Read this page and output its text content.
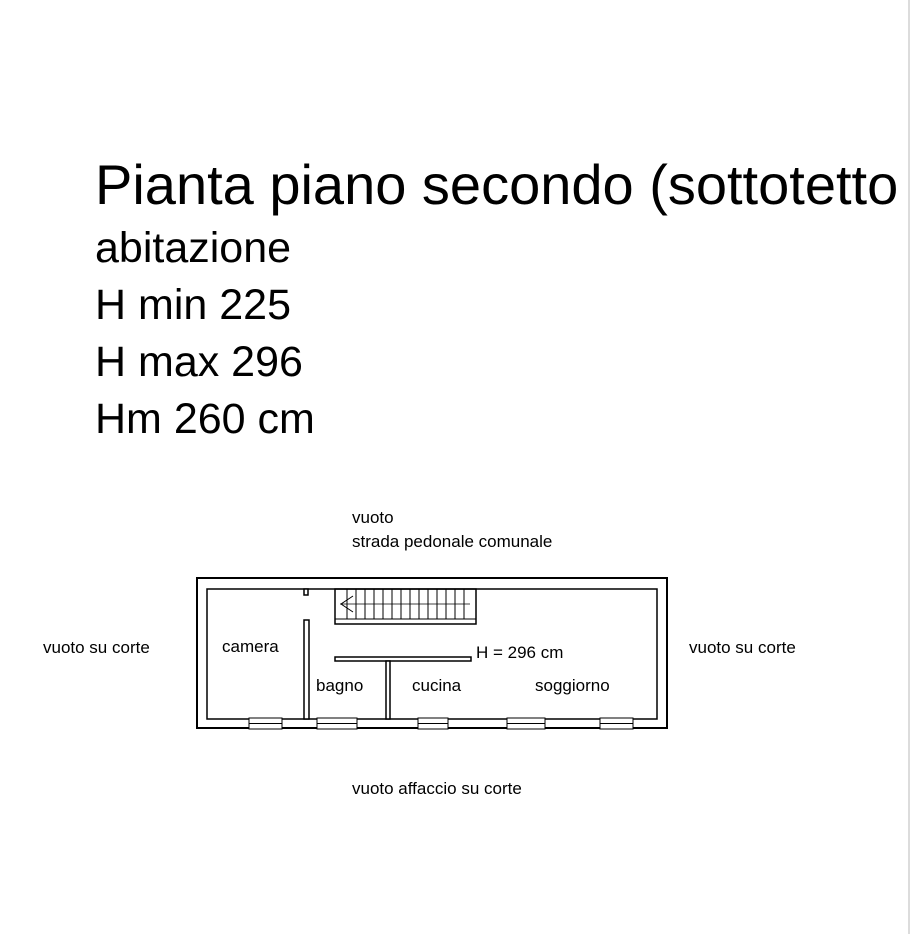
Pianta piano secondo (sottotetto
abitazione
H min 225
H max 296
Hm 260 cm
camera
bagno	cucina	soggiorno
H = 296 cm
vuoto
strada pedonale comunale
vuoto su corte	vuoto su corte
vuoto affaccio su corte
